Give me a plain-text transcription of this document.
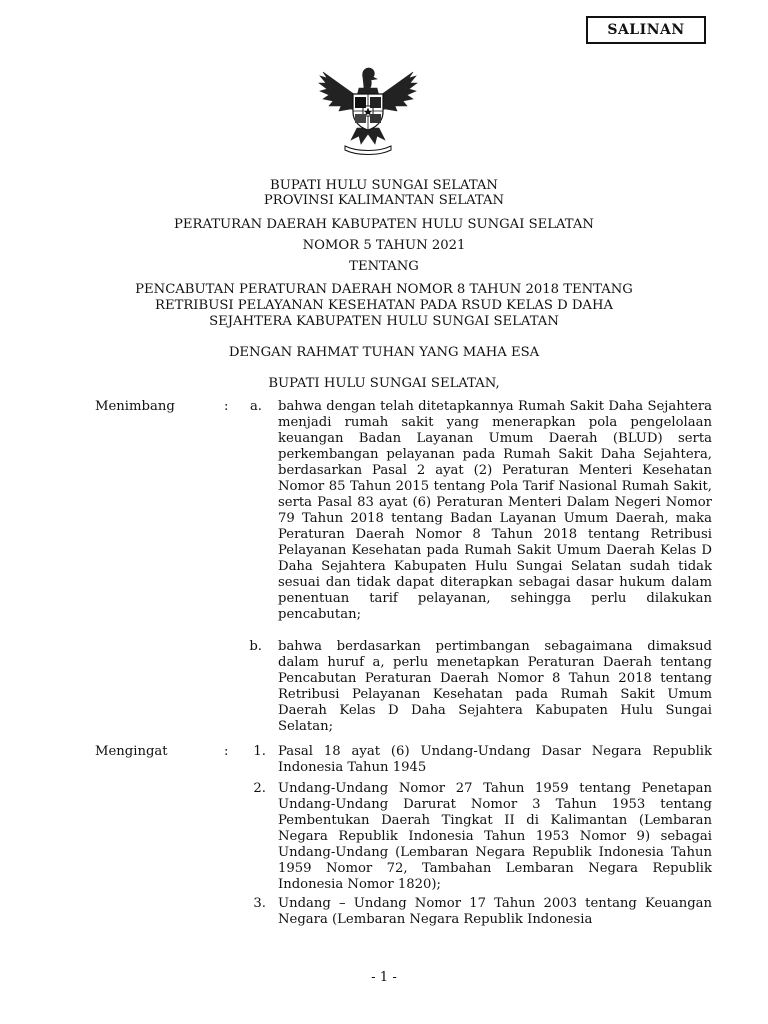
SALINAN
BUPATI HULU SUNGAI SELATAN
PROVINSI KALIMANTAN SELATAN
PERATURAN DAERAH KABUPATEN HULU SUNGAI SELATAN
NOMOR 5 TAHUN 2021
TENTANG
PENCABUTAN PERATURAN DAERAH NOMOR 8 TAHUN 2018 TENTANG
RETRIBUSI PELAYANAN KESEHATAN PADA RSUD KELAS D DAHA
SEJAHTERA KABUPATEN HULU SUNGAI SELATAN
DENGAN RAHMAT TUHAN YANG MAHA ESA
BUPATI HULU SUNGAI SELATAN,
Menimbang	:	a. bahwa dengan telah ditetapkannya Rumah Sakit Daha Sejahtera menjadi rumah sakit yang menerapkan pola pengelolaan keuangan Badan Layanan Umum Daerah (BLUD) serta perkembangan pelayanan pada Rumah Sakit Daha Sejahtera, berdasarkan Pasal 2 ayat (2) Peraturan Menteri Kesehatan Nomor 85 Tahun 2015 tentang Pola Tarif Nasional Rumah Sakit, serta Pasal 83 ayat (6) Peraturan Menteri Dalam Negeri Nomor 79 Tahun 2018 tentang Badan Layanan Umum Daerah, maka Peraturan Daerah Nomor 8 Tahun 2018 tentang Retribusi Pelayanan Kesehatan pada Rumah Sakit Umum Daerah Kelas D Daha Sejahtera Kabupaten Hulu Sungai Selatan sudah tidak sesuai dan tidak dapat diterapkan sebagai dasar hukum dalam penentuan tarif pelayanan, sehingga perlu dilakukan pencabutan;
b. bahwa berdasarkan pertimbangan sebagaimana dimaksud dalam huruf a, perlu menetapkan Peraturan Daerah tentang Pencabutan Peraturan Daerah Nomor 8 Tahun 2018 tentang Retribusi Pelayanan Kesehatan pada Rumah Sakit Umum Daerah Kelas D Daha Sejahtera Kabupaten Hulu Sungai Selatan;
Mengingat	:	1. Pasal 18 ayat (6) Undang-Undang Dasar Negara Republik Indonesia Tahun 1945
2. Undang-Undang Nomor 27 Tahun 1959 tentang Penetapan Undang-Undang Darurat Nomor 3 Tahun 1953 tentang Pembentukan Daerah Tingkat II di Kalimantan (Lembaran Negara Republik Indonesia Tahun 1953 Nomor 9) sebagai Undang-Undang (Lembaran Negara Republik Indonesia Tahun 1959 Nomor 72, Tambahan Lembaran Negara Republik Indonesia Nomor 1820);
3. Undang – Undang Nomor 17 Tahun 2003 tentang Keuangan Negara (Lembaran Negara Republik Indonesia
- 1 -
